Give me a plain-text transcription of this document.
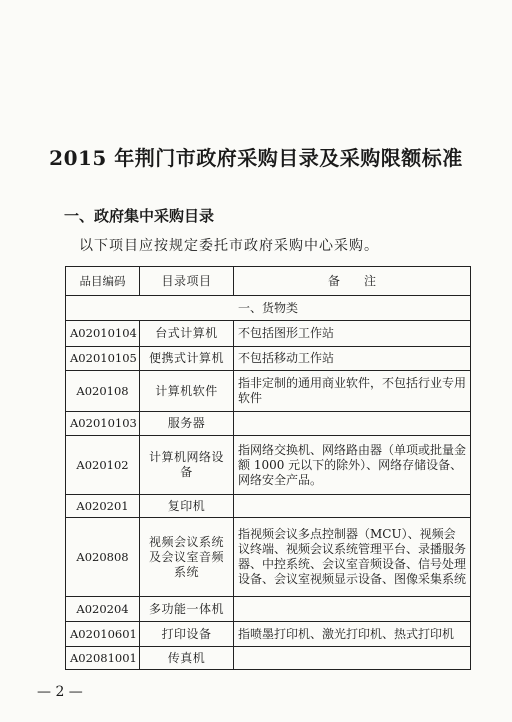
2015 年荆门市政府采购目录及采购限额标准
一、政府集中采购目录
以下项目应按规定委托市政府采购中心采购。
品目编码	目录项目	备　　注
一、货物类		
A02010104	台式计算机	不包括图形工作站
A02010105	便携式计算机	不包括移动工作站
A020108	计算机软件	指非定制的通用商业软件，不包括行业专用软件
A02010103	服务器	
A020102	计算机网络设备	指网络交换机、网络路由器（单项或批量金额 1000 元以下的除外）、网络存储设备、网络安全产品。
A020201	复印机	
A020808	视频会议系统及会议室音频系统	指视频会议多点控制器（MCU）、视频会议终端、视频会议系统管理平台、录播服务器、中控系统、会议室音频设备、信号处理设备、会议室视频显示设备、图像采集系统
A020204	多功能一体机	
A02010601	打印设备	指喷墨打印机、激光打印机、热式打印机
A02081001	传真机	
— 2 —
